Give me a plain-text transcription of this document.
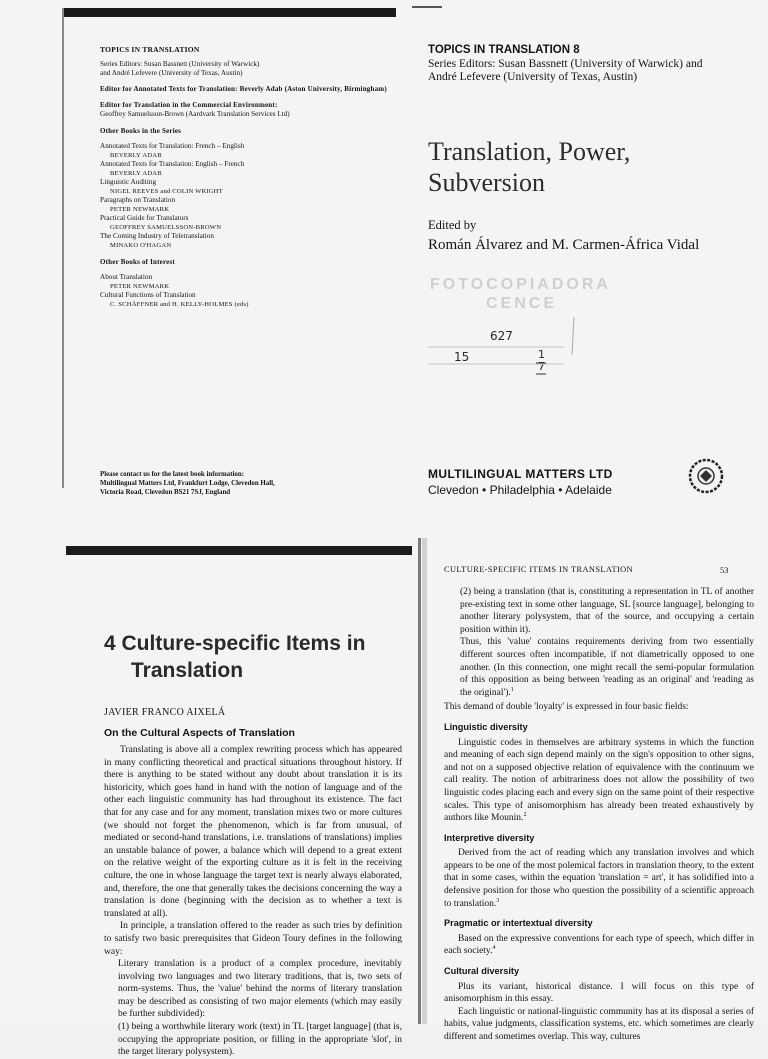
TOPICS IN TRANSLATION
Series Editors: Susan Bassnett (University of Warwick)
and André Lefevere (University of Texas, Austin)
Editor for Annotated Texts for Translation: Beverly Adab (Aston University, Birmingham)
Editor for Translation in the Commercial Environment:
Geoffrey Samuelsson-Brown (Aardvark Translation Services Ltd)
Other Books in the Series
Annotated Texts for Translation: French – English
BEVERLY ADAB
Annotated Texts for Translation: English – French
BEVERLY ADAB
Linguistic Auditing
NIGEL REEVES and COLIN WRIGHT
Paragraphs on Translation
PETER NEWMARK
Practical Guide for Translators
GEOFFREY SAMUELSSON-BROWN
The Coming Industry of Teletranslation
MINAKO O'HAGAN
Other Books of Interest
About Translation
PETER NEWMARK
Cultural Functions of Translation
C. SCHÄFFNER and H. KELLY-HOLMES (eds)
Please contact us for the latest book information:
Multilingual Matters Ltd, Frankfurt Lodge, Clevedon Hall,
Victoria Road, Clevedon BS21 7SJ, England
TOPICS IN TRANSLATION 8
Series Editors: Susan Bassnett (University of Warwick) and
André Lefevere (University of Texas, Austin)
Translation, Power,
Subversion
Edited by
Román Álvarez and M. Carmen-África Vidal
FOTOCOPIADORA
CENCE
627
15	1
7
MULTILINGUAL MATTERS LTD
Clevedon • Philadelphia • Adelaide
4 Culture-specific Items in
Translation
JAVIER FRANCO AIXELÁ
On the Cultural Aspects of Translation

Translating is above all a complex rewriting process which has appeared in many conflicting theoretical and practical situations throughout history. If there is anything to be stated without any doubt about translation it is its historicity, which goes hand in hand with the notion of language and of the other each linguistic community has had throughout its existence. The fact that for any case and for any moment, translation mixes two or more cultures (we should not forget the phenomenon, which is far from unusual, of mediated or second-hand translations, i.e. translations of translations) implies an unstable balance of power, a balance which will depend to a great extent on the relative weight of the exporting culture as it is felt in the receiving culture, the one in whose language the target text is nearly always elaborated, and, therefore, the one that generally takes the decisions concerning the way a translation is done (beginning with the decision as to whether a text is translated at all).

In principle, a translation offered to the reader as such tries by definition to satisfy two basic prerequisites that Gideon Toury defines in the following way:

Literary translation is a product of a complex procedure, inevitably involving two languages and two literary traditions, that is, two sets of norm-systems. Thus, the 'value' behind the norms of literary translation may be described as consisting of two major elements (which may easily be further subdivided):

(1) being a worthwhile literary work (text) in TL [target language] (that is, occupying the appropriate position, or filling in the appropriate 'slot', in the target literary polysystem).

CULTURE-SPECIFIC ITEMS IN TRANSLATION	53

(2) being a translation (that is, constituting a representation in TL of another pre-existing text in some other language, SL [source language], belonging to another literary polysystem, that of the source, and occupying a certain position within it).

Thus, this 'value' contains requirements deriving from two essentially different sources often incompatible, if not diametrically opposed to one another. (In this connection, one might recall the semi-popular formulation of this opposition as being between 'reading as an original' and 'reading as the original').$^1$

This demand of double 'loyalty' is expressed in four basic fields:

Linguistic diversity

Linguistic codes in themselves are arbitrary systems in which the function and meaning of each sign depend mainly on the sign's opposition to other signs, and not on a supposed objective relation of equivalence with the continuum we call reality. The notion of arbitrariness does not allow the possibility of two linguistic codes placing each and every sign on the same point of their respective scales. This type of anisomorphism has already been treated exhaustively by authors like Mounin.$^2$

Interpretive diversity

Derived from the act of reading which any translation involves and which appears to be one of the most polemical factors in translation theory, to the extent that in some cases, within the equation 'translation = art', it has solidified into a defensive position for those who question the possibility of a scientific approach to translation.$^3$

Pragmatic or intertextual diversity

Based on the expressive conventions for each type of speech, which differ in each society.$^4$

Cultural diversity

Plus its variant, historical distance. I will focus on this type of anisomorphism in this essay.

Each linguistic or national-linguistic community has at its disposal a series of habits, value judgments, classification systems, etc. which sometimes are clearly different and sometimes overlap. This way, cultures
